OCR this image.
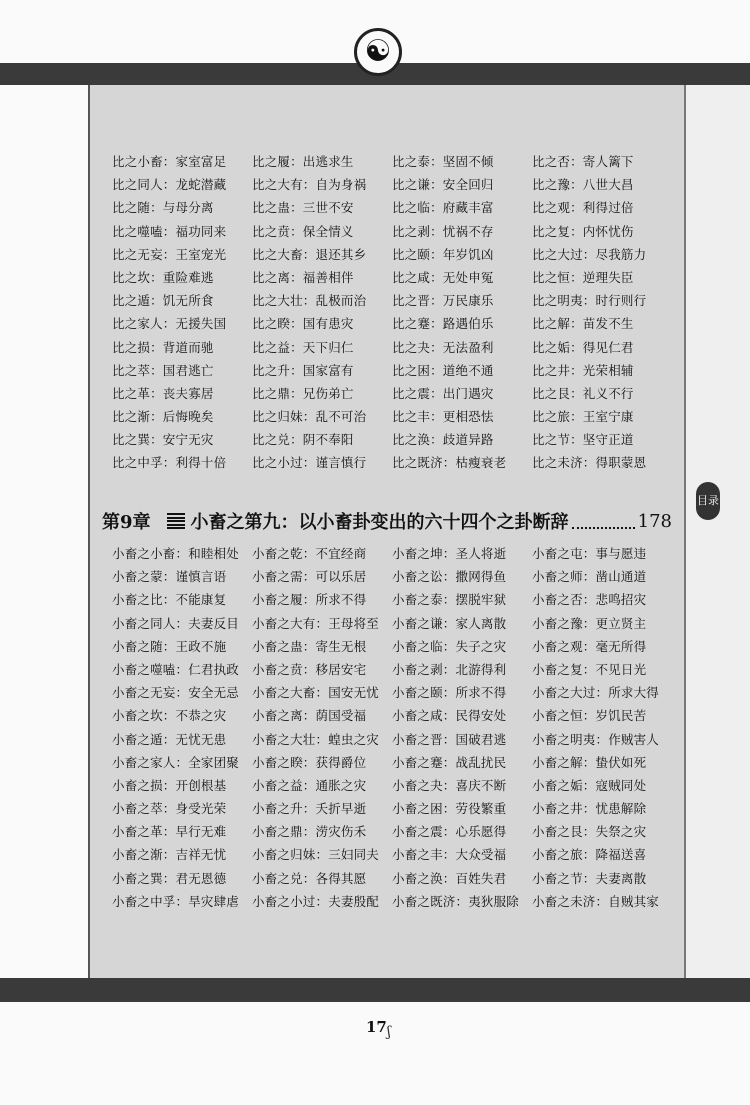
☯
目录
比之小畜：家室富足	比之履：出逃求生	比之泰：坚固不倾	比之否：寄人篱下
比之同人：龙蛇潜藏	比之大有：自为身祸	比之谦：安全回归	比之豫：八世大昌
比之随：与母分离	比之蛊：三世不安	比之临：府藏丰富	比之观：利得过倍
比之噬嗑：福功同来	比之贲：保全情义	比之剥：忧祸不存	比之复：内怀忧伤
比之无妄：王室宠光	比之大畜：退还其乡	比之颐：年岁饥凶	比之大过：尽我筋力
比之坎：重险难逃	比之离：福善相伴	比之咸：无处申冤	比之恒：逆理失臣
比之遁：饥无所食	比之大壮：乱极而治	比之晋：万民康乐	比之明夷：时行则行
比之家人：无援失国	比之睽：国有患灾	比之蹇：路遇伯乐	比之解：苗发不生
比之损：背道而驰	比之益：天下归仁	比之夬：无法盈利	比之姤：得见仁君
比之萃：国君逃亡	比之升：国家富有	比之困：道绝不通	比之井：光荣相辅
比之革：丧夫寡居	比之鼎：兄伤弟亡	比之震：出门遇灾	比之艮：礼义不行
比之渐：后悔晚矣	比之归妹：乱不可治	比之丰：更相恐怯	比之旅：王室宁康
比之巽：安宁无灾	比之兑：阴不奉阳	比之涣：歧道异路	比之节：坚守正道
比之中孚：利得十倍	比之小过：谨言慎行	比之既济：枯瘦衰老	比之未济：得职蒙恩
第9章 小畜之第九：以小畜卦变出的六十四个之卦断辞	178
小畜之小畜：和睦相处	小畜之乾：不宜经商	小畜之坤：圣人将逝	小畜之屯：事与愿违
小畜之蒙：谨慎言语	小畜之需：可以乐居	小畜之讼：撒网得鱼	小畜之师：凿山通道
小畜之比：不能康复	小畜之履：所求不得	小畜之泰：摆脱牢狱	小畜之否：悲鸣招灾
小畜之同人：夫妻反目	小畜之大有：王母将至	小畜之谦：家人离散	小畜之豫：更立贤主
小畜之随：王政不施	小畜之蛊：寄生无根	小畜之临：失子之灾	小畜之观：毫无所得
小畜之噬嗑：仁君执政	小畜之贲：移居安宅	小畜之剥：北游得利	小畜之复：不见日光
小畜之无妄：安全无忌	小畜之大畜：国安无忧	小畜之颐：所求不得	小畜之大过：所求大得
小畜之坎：不恭之灾	小畜之离：荫国受福	小畜之咸：民得安处	小畜之恒：岁饥民苦
小畜之遁：无忧无患	小畜之大壮：蝗虫之灾	小畜之晋：国破君逃	小畜之明夷：作贼害人
小畜之家人：全家团聚	小畜之睽：获得爵位	小畜之蹇：战乱扰民	小畜之解：蛰伏如死
小畜之损：开创根基	小畜之益：通胀之灾	小畜之夬：喜庆不断	小畜之姤：寇贼同处
小畜之萃：身受光荣	小畜之升：夭折早逝	小畜之困：劳役繁重	小畜之井：忧患解除
小畜之革：早行无难	小畜之鼎：涝灾伤禾	小畜之震：心乐愿得	小畜之艮：失祭之灾
小畜之渐：吉祥无忧	小畜之归妹：三妇同夫	小畜之丰：大众受福	小畜之旅：降福送喜
小畜之巽：君无恩德	小畜之兑：各得其愿	小畜之涣：百姓失君	小畜之节：夫妻离散
小畜之中孚：旱灾肆虐	小畜之小过：夫妻殷配	小畜之既济：夷狄服除	小畜之未济：自贼其家
17 ʃ
